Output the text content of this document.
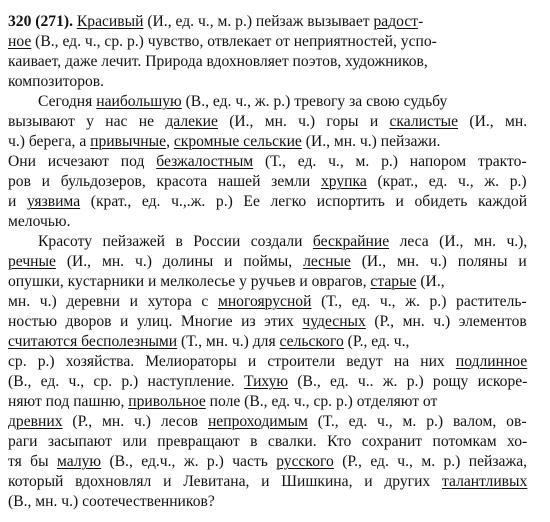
320 (271). Красивый (И., ед. ч., м. р.) пейзаж вызывает радост-
ное (В., ед. ч., ср. р.) чувство, отвлекает от неприятностей, успо-
каивает, даже лечит. Природа вдохновляет поэтов, художников,
композиторов.
Сегодня наибольшую (В., ед. ч., ж. р.) тревогу за свою судьбу
вызывают у нас не далекие (И., мн. ч.) горы и скалистые (И., мн.
ч.) берега, а привычные, скромные сельские (И., мн. ч.) пейзажи.
Они исчезают под безжалостным (Т., ед. ч., м. р.) напором тракто-
ров и бульдозеров, красота нашей земли хрупка (крат., ед. ч., ж. р.)
и уязвима (крат., ед. ч.,.ж. р.) Ее легко испортить и обидеть каждой
мелочью.
Красоту пейзажей в России создали бескрайние леса (И., мн. ч.),
речные (И., мн. ч.) долины и поймы, лесные (И., мн. ч.) поляны и
опушки, кустарники и мелколесье у ручьев и оврагов, старые (И.,
мн. ч.) деревни и хутора с многоярусной (Т., ед. ч., ж. р.) раститель-
ностью дворов и улиц. Многие из этих чудесных (Р., мн. ч.) элементов
считаются бесполезными (Т., мн. ч.) для сельского (Р., ед. ч.,
ср. р.) хозяйства. Мелиораторы и строители ведут на них подлинное
(В., ед. ч., ср. р.) наступление. Тихую (В., ед. ч.. ж. р.) рощу искоре-
няют под пашню, привольное поле (В., ед. ч., ср. р.) отделяют от
древних (Р., мн. ч.) лесов непроходимым (Т., ед. ч., м. р.) валом, ов-
раги засыпают или превращают в свалки. Кто сохранит потомкам хо-
тя бы малую (В., ед.ч., ж. р.) часть русского (Р., ед. ч., м. р.) пейзажа,
который вдохновлял и Левитана, и Шишкина, и других талантливых
(В., мн. ч.) соотечественников?
